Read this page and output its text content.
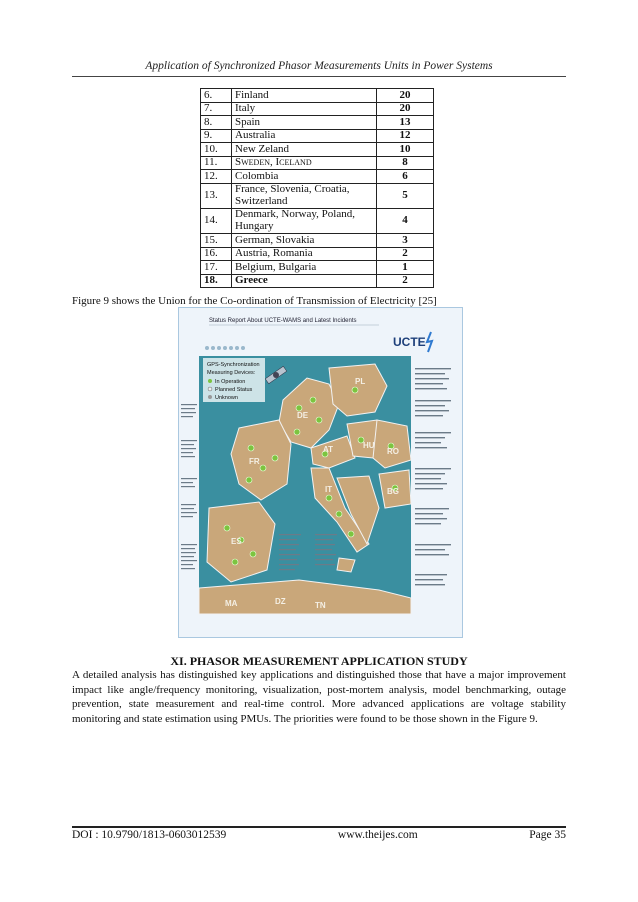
Application of Synchronized Phasor Measurements Units in Power Systems
6.	Finland	20
7.	Italy	20
8.	Spain	13
9.	Australia	12
10.	New Zeland	10
11.	Sweden, Iceland	8
12.	Colombia	6
13.	France, Slovenia, Croatia, Switzerland	5
14.	Denmark, Norway, Poland, Hungary	4
15.	German, Slovakia	3
16.	Austria, Romania	2
17.	Belgium, Bulgaria	1
18.	Greece	2
Figure 9 shows the Union for the Co-ordination of Transmission of Electricity [25]
Status Report About UCTE-WAMS and Latest Incidents
UCTE
DE
PL
FR
AT	HU
RO
IT
ES
BG
MA	DZ	TN
GPS-Synchronization
Measuring Devices:
In Operation
Planned Status
Unknown
XI. PHASOR MEASUREMENT APPLICATION STUDY

A detailed analysis has distinguished key applications and distinguished those that have a major improvement impact like angle/frequency monitoring, visualization, post-mortem analysis, model benchmarking, outage prevention, state measurement and real-time control. More advanced applications are voltage stability monitoring and state estimation using PMUs. The priorities were found to be those shown in the Figure 9.

DOI : 10.9790/1813-0603012539	www.theijes.com	Page 35
